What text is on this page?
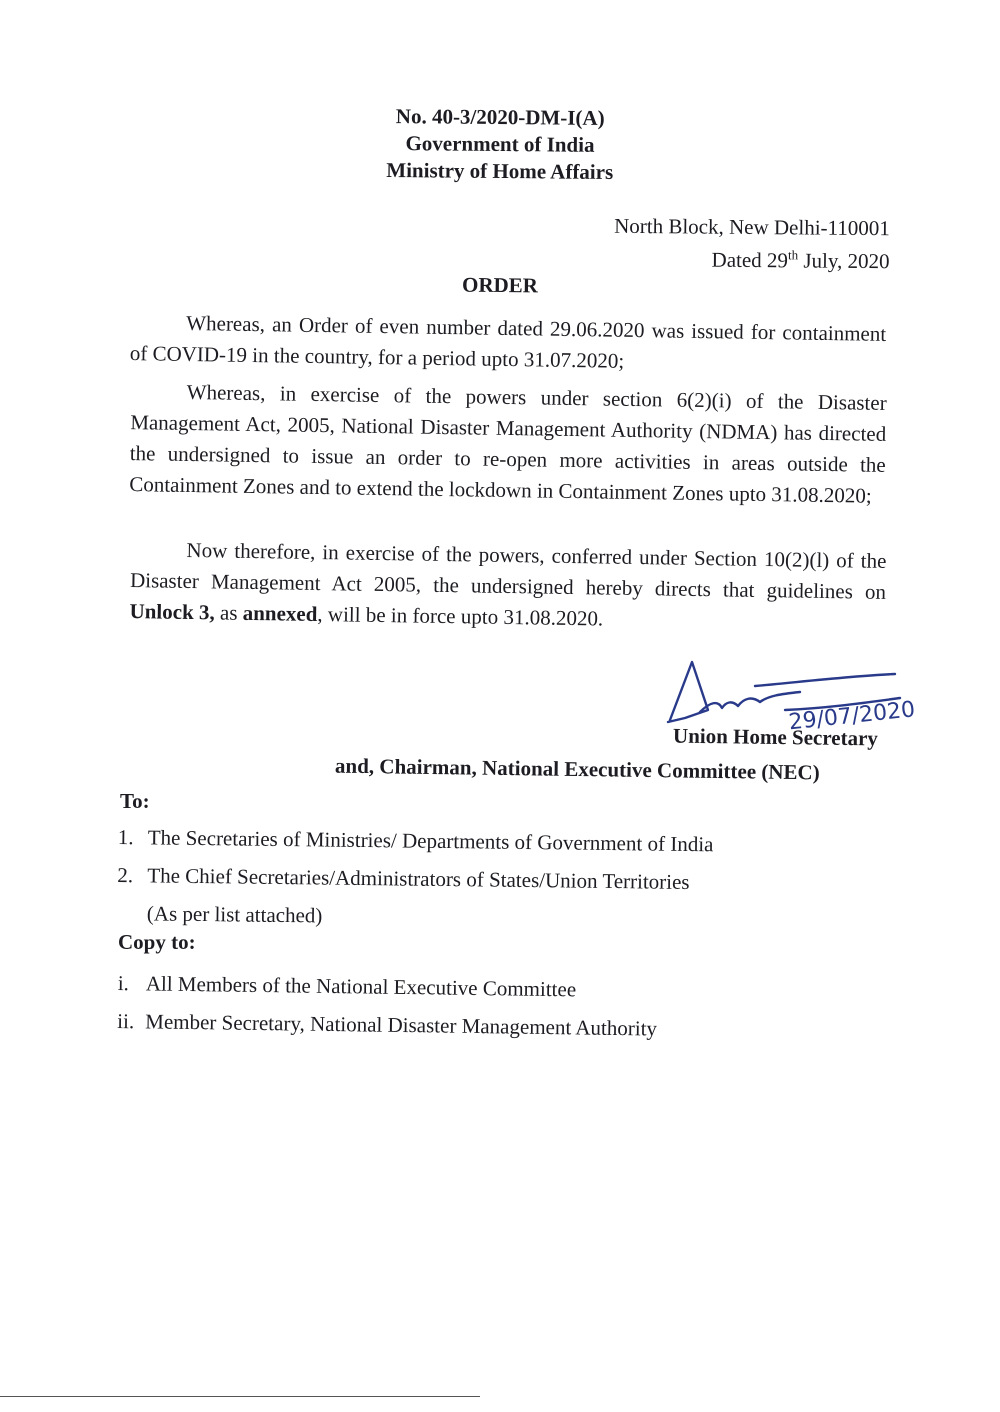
No. 40-3/2020-DM-I(A)
Government of India
Ministry of Home Affairs
North Block, New Delhi-110001
Dated 29th July, 2020
ORDER
Whereas, an Order of even number dated 29.06.2020 was issued for containment of COVID-19 in the country, for a period upto 31.07.2020;
Whereas, in exercise of the powers under section 6(2)(i) of the Disaster Management Act, 2005, National Disaster Management Authority (NDMA) has directed the undersigned to issue an order to re-open more activities in areas outside the Containment Zones and to extend the lockdown in Containment Zones upto 31.08.2020;
Now therefore, in exercise of the powers, conferred under Section 10(2)(l) of the Disaster Management Act 2005, the undersigned hereby directs that guidelines on Unlock 3, as annexed, will be in force upto 31.08.2020.
29/07/2020
Union Home Secretary
and, Chairman, National Executive Committee (NEC)
To:
1. The Secretaries of Ministries/ Departments of Government of India
2. The Chief Secretaries/Administrators of States/Union Territories
(As per list attached)
Copy to:
i. All Members of the National Executive Committee
ii. Member Secretary, National Disaster Management Authority
